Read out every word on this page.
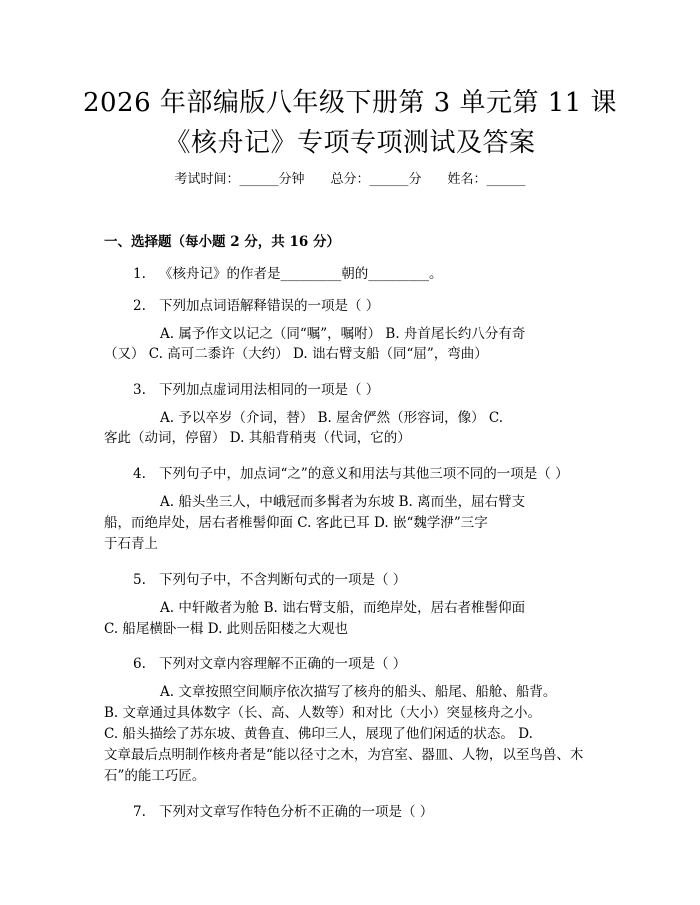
2026 年部编版八年级下册第 3 单元第 11 课
《核舟记》专项专项测试及答案
考试时间：______分钟 总分：______分 姓名：______
一、选择题（每小题 2 分，共 16 分）
1. 《核舟记》的作者是_________朝的_________。
2. 下列加点词语解释错误的一项是（ ）
A. 属予作文以记之（同“嘱”，嘱咐） B. 舟首尾长约八分有奇
（又） C. 高可二黍许（大约） D. 诎右臂支船（同“屈”，弯曲）
3. 下列加点虚词用法相同的一项是（ ）
A. 予以卒岁（介词，替） B. 屋舍俨然（形容词，像） C.
客此（动词，停留） D. 其船背稍夷（代词，它的）
4. 下列句子中，加点词“之”的意义和用法与其他三项不同的一项是（ ）
A. 船头坐三人，中峨冠而多髯者为东坡 B. 离而坐，屈右臂支
船，而绝岸处，居右者椎髻仰面 C. 客此已耳 D. 嵌“魏学洢”三字
于石青上
5. 下列句子中，不含判断句式的一项是（ ）
A. 中轩敞者为舱 B. 诎右臂支船，而绝岸处，居右者椎髻仰面
C. 船尾横卧一楫 D. 此则岳阳楼之大观也
6. 下列对文章内容理解不正确的一项是（ ）
A. 文章按照空间顺序依次描写了核舟的船头、船尾、船舱、船背。
B. 文章通过具体数字（长、高、人数等）和对比（大小）突显核舟之小。
C. 船头描绘了苏东坡、黄鲁直、佛印三人，展现了他们闲适的状态。 D.
文章最后点明制作核舟者是“能以径寸之木，为宫室、器皿、人物，以至鸟兽、木
石”的能工巧匠。
7. 下列对文章写作特色分析不正确的一项是（ ）
